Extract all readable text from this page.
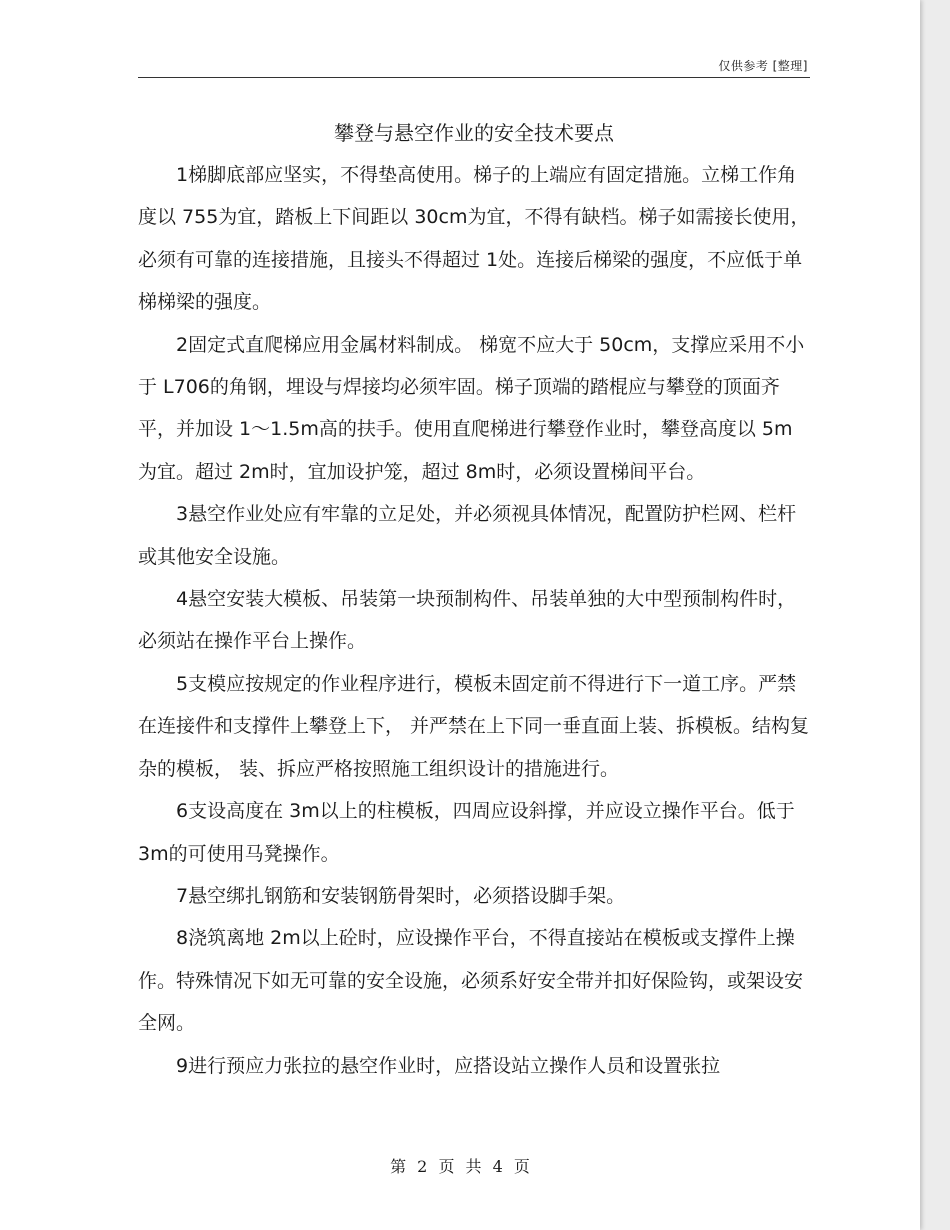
仅供参考 [整理]
攀登与悬空作业的安全技术要点

1梯脚底部应坚实，不得垫高使用。梯子的上端应有固定措施。立梯工作角度以 755为宜，踏板上下间距以 30cm为宜，不得有缺档。梯子如需接长使用，必须有可靠的连接措施，且接头不得超过 1处。连接后梯梁的强度，不应低于单梯梯梁的强度。

2固定式直爬梯应用金属材料制成。 梯宽不应大于 50cm，支撑应采用不小于 L706的角钢，埋设与焊接均必须牢固。梯子顶端的踏棍应与攀登的顶面齐平，并加设 1～1.5m高的扶手。使用直爬梯进行攀登作业时，攀登高度以 5m为宜。超过 2m时，宜加设护笼，超过 8m时，必须设置梯间平台。

3悬空作业处应有牢靠的立足处，并必须视具体情况，配置防护栏网、栏杆或其他安全设施。

4悬空安装大模板、吊装第一块预制构件、吊装单独的大中型预制构件时，必须站在操作平台上操作。

5支模应按规定的作业程序进行，模板未固定前不得进行下一道工序。严禁在连接件和支撑件上攀登上下， 并严禁在上下同一垂直面上装、拆模板。结构复杂的模板， 装、拆应严格按照施工组织设计的措施进行。

6支设高度在 3m以上的柱模板，四周应设斜撑，并应设立操作平台。低于 3m的可使用马凳操作。

7悬空绑扎钢筋和安装钢筋骨架时，必须搭设脚手架。

8浇筑离地 2m以上砼时，应设操作平台，不得直接站在模板或支撑件上操作。特殊情况下如无可靠的安全设施，必须系好安全带并扣好保险钩，或架设安全网。

9进行预应力张拉的悬空作业时，应搭设站立操作人员和设置张拉

第 2 页 共 4 页
